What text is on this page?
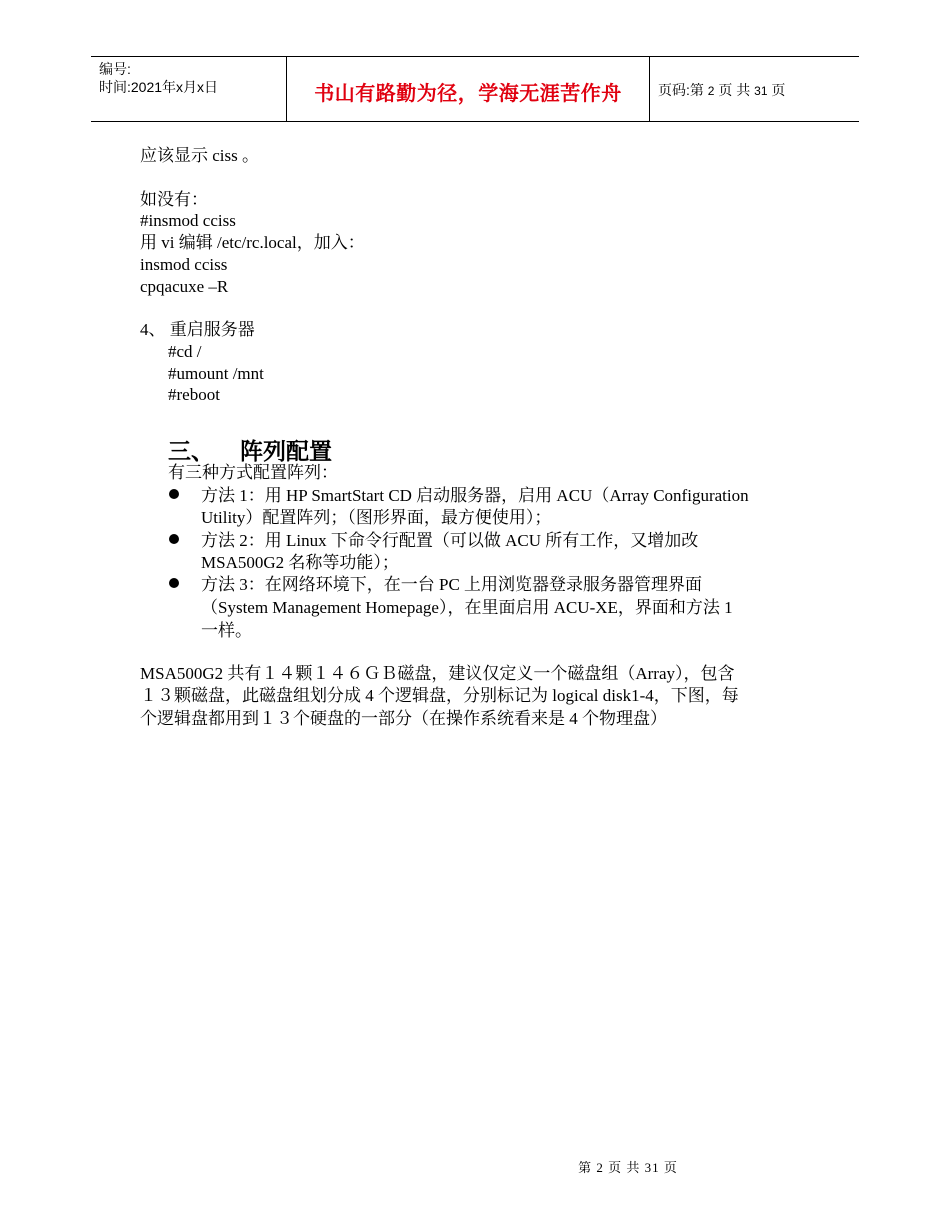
编号:
时间:2021年x月x日	书山有路勤为径，学海无涯苦作舟	页码:第 2 页 共 31 页
应该显示 ciss 。
如没有：
#insmod cciss
用 vi 编辑 /etc/rc.local，加入：
insmod cciss
cpqacuxe –R
4、 重启服务器
#cd /
#umount /mnt
#reboot
三、 阵列配置
有三种方式配置阵列：
方法 1：用 HP SmartStart CD 启动服务器，启用 ACU（Array Configuration
Utility）配置阵列；（图形界面，最方便使用）；
方法 2：用 Linux 下命令行配置（可以做 ACU 所有工作，又增加改
MSA500G2 名称等功能）；
方法 3：在网络环境下，在一台 PC 上用浏览器登录服务器管理界面
（System Management Homepage），在里面启用 ACU-XE，界面和方法 1
一样。
MSA500G2 共有１４颗１４６ＧＢ磁盘，建议仅定义一个磁盘组（Array），包含
１３颗磁盘，此磁盘组划分成 4 个逻辑盘，分别标记为 logical disk1-4，下图，每
个逻辑盘都用到１３个硬盘的一部分（在操作系统看来是 4 个物理盘）
第 2 页 共 31 页
